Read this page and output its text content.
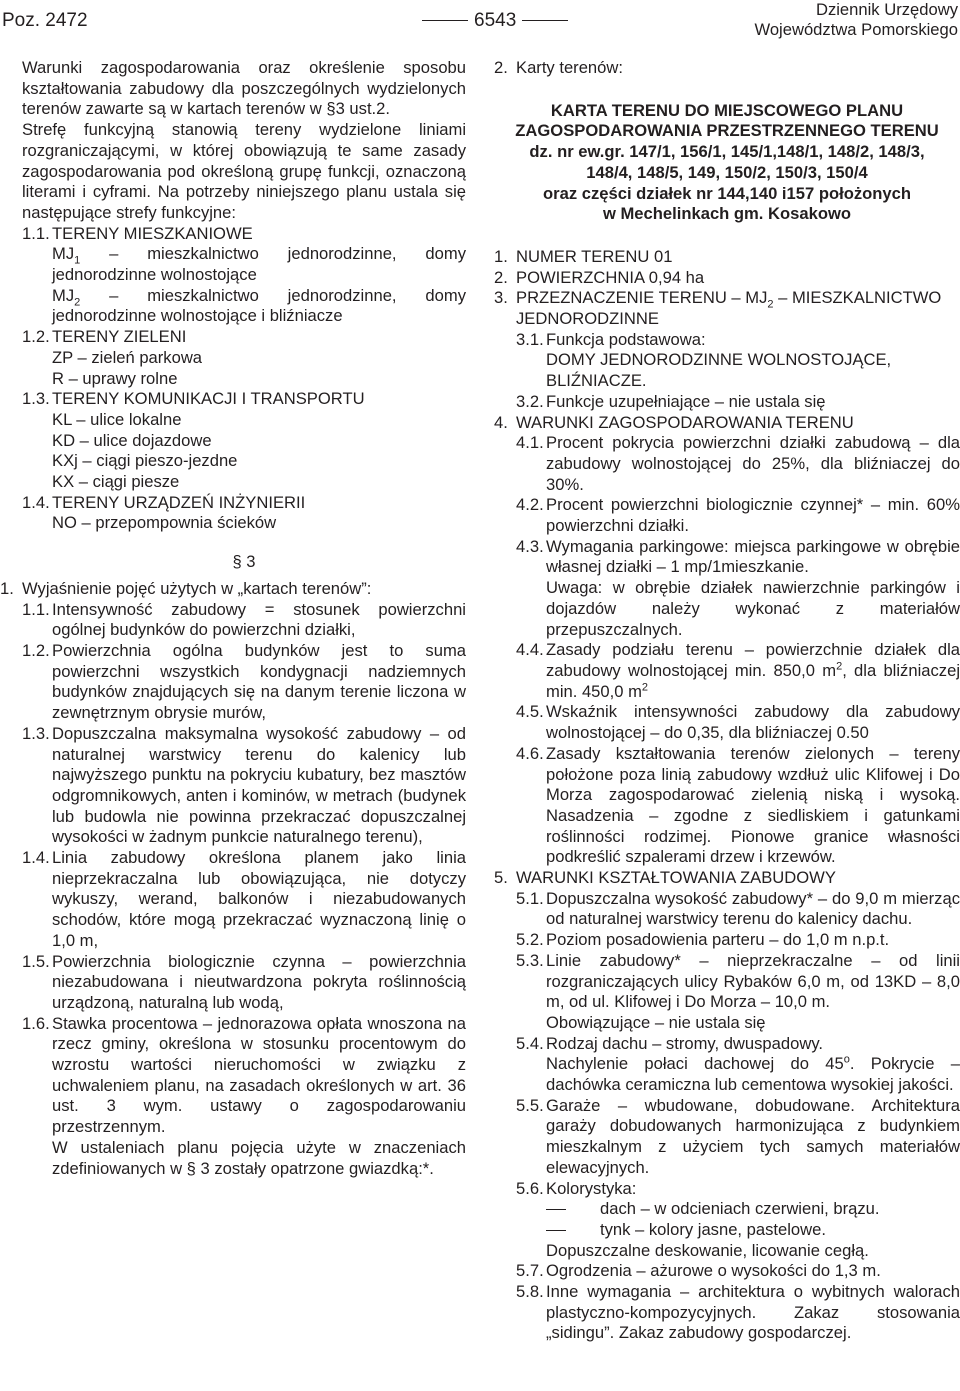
Poz. 2472	6543
Dziennik Urzędowy
Województwa Pomorskiego

Warunki zagospodarowania oraz określenie sposobu kształtowania zabudowy dla poszczególnych wydzielonych terenów zawarte są w kartach terenów w §3 ust.2.

Strefę funkcyjną stanowią tereny wydzielone liniami rozgraniczającymi, w której obowiązują te same zasady zagospodarowania pod określoną grupę funkcji, oznaczoną literami i cyframi. Na potrzeby niniejszego planu ustala się następujące strefy funkcyjne:

1.1. TERENY MIESZKANIOWE

$MJ_1$ – mieszkalnictwo jednorodzinne, domy jednorodzinne wolnostojące

$MJ_2$ – mieszkalnictwo jednorodzinne, domy jednorodzinne wolnostojące i bliźniacze

1.2. TERENY ZIELENI

ZP – zieleń parkowa

R – uprawy rolne

1.3. TERENY KOMUNIKACJI I TRANSPORTU

KL – ulice lokalne

KD – ulice dojazdowe

KXj – ciągi pieszo-jezdne

KX – ciągi piesze

1.4. TERENY URZĄDZEŃ INŻYNIERII

NO – przepompownia ścieków

§ 3

1. Wyjaśnienie pojęć użytych w „kartach terenów”:
1.1. Intensywność zabudowy = stosunek powierzchni ogólnej budynków do powierzchni działki,
1.2. Powierzchnia ogólna budynków jest to suma powierzchni wszystkich kondygnacji nadziemnych budynków znajdujących się na danym terenie liczona w zewnętrznym obrysie murów,
1.3. Dopuszczalna maksymalna wysokość zabudowy – od naturalnej warstwicy terenu do kalenicy lub najwyższego punktu na pokryciu kubatury, bez masztów odgromnikowych, anten i kominów, w metrach (budynek lub budowla nie powinna przekraczać dopuszczalnej wysokości w żadnym punkcie naturalnego terenu),
1.4. Linia zabudowy określona planem jako linia nieprzekraczalna lub obowiązująca, nie dotyczy wykuszy, werand, balkonów i niezabudowanych schodów, które mogą przekraczać wyznaczoną linię o 1,0 m,
1.5. Powierzchnia biologicznie czynna – powierzchnia niezabudowana i nieutwardzona pokryta roślinnością urządzoną, naturalną lub wodą,
1.6. Stawka procentowa – jednorazowa opłata wnoszona na rzecz gminy, określona w stosunku procentowym do wzrostu wartości nieruchomości w związku z uchwaleniem planu, na zasadach określonych w art. 36 ust. 3 wym. ustawy o zagospodarowaniu przestrzennym.

W ustaleniach planu pojęcia użyte w znaczeniach zdefiniowanych w § 3 zostały opatrzone gwiazdką:*.

2. Karty terenów:

KARTA TERENU DO MIEJSCOWEGO PLANU

ZAGOSPODAROWANIA PRZESTRZENNEGO TERENU

dz. nr ew.gr. 147/1, 156/1, 145/1,148/1, 148/2, 148/3,

148/4, 148/5, 149, 150/2, 150/3, 150/4

oraz części działek nr 144,140 i157 położonych

w Mechelinkach gm. Kosakowo

1. NUMER TERENU 01
2. POWIERZCHNIA 0,94 ha
3. PRZEZNACZENIE TERENU – $MJ_2$ – MIESZKALNICTWO JEDNORODZINNE
3.1. Funkcja podstawowa:
DOMY JEDNORODZINNE WOLNOSTOJĄCE, BLIŹNIACZE.
3.2. Funkcje uzupełniające – nie ustala się
4. WARUNKI ZAGOSPODAROWANIA TERENU
4.1. Procent pokrycia powierzchni działki zabudową – dla zabudowy wolnostojącej do 25%, dla bliźniaczej do 30%.
4.2. Procent powierzchni biologicznie czynnej* – min. 60% powierzchni działki.
4.3. Wymagania parkingowe: miejsca parkingowe w obrębie własnej działki – 1 mp/1mieszkanie.
Uwaga: w obrębie działek nawierzchnie parkingów i dojazdów należy wykonać z materiałów przepuszczalnych.
4.4. Zasady podziału terenu – powierzchnie działek dla zabudowy wolnostojącej min. 850,0 $m^2$, dla bliźniaczej min. 450,0 $m^2$
4.5. Wskaźnik intensywności zabudowy dla zabudowy wolnostojącej – do 0,35, dla bliźniaczej 0.50
4.6. Zasady kształtowania terenów zielonych – tereny położone poza linią zabudowy wzdłuż ulic Klifowej i Do Morza zagospodarować zielenią niską i wysoką. Nasadzenia – zgodne z siedliskiem i gatunkami roślinności rodzimej. Pionowe granice własności podkreślić szpalerami drzew i krzewów.
5. WARUNKI KSZTAŁTOWANIA ZABUDOWY
5.1. Dopuszczalna wysokość zabudowy* – do 9,0 m mierząc od naturalnej warstwicy terenu do kalenicy dachu.
5.2. Poziom posadowienia parteru – do 1,0 m n.p.t.
5.3. Linie zabudowy* – nieprzekraczalne – od linii rozgraniczających ulicy Rybaków 6,0 m, od 13KD – 8,0 m, od ul. Klifowej i Do Morza – 10,0 m.
Obowiązujące – nie ustala się
5.4. Rodzaj dachu – stromy, dwuspadowy.
Nachylenie połaci dachowej do 45$^o$. Pokrycie – dachówka ceramiczna lub cementowa wysokiej jakości.
5.5. Garaże – wbudowane, dobudowane. Architektura garaży dobudowanych harmonizująca z budynkiem mieszkalnym z użyciem tych samych materiałów elewacyjnych.
5.6. Kolorystyka:
dach – w odcieniach czerwieni, brązu.
tynk – kolory jasne, pastelowe.
Dopuszczalne deskowanie, licowanie cegłą.
5.7. Ogrodzenia – ażurowe o wysokości do 1,3 m.
5.8. Inne wymagania – architektura o wybitnych walorach plastyczno-kompozycyjnych. Zakaz stosowania „sidingu”. Zakaz zabudowy gospodarczej.
